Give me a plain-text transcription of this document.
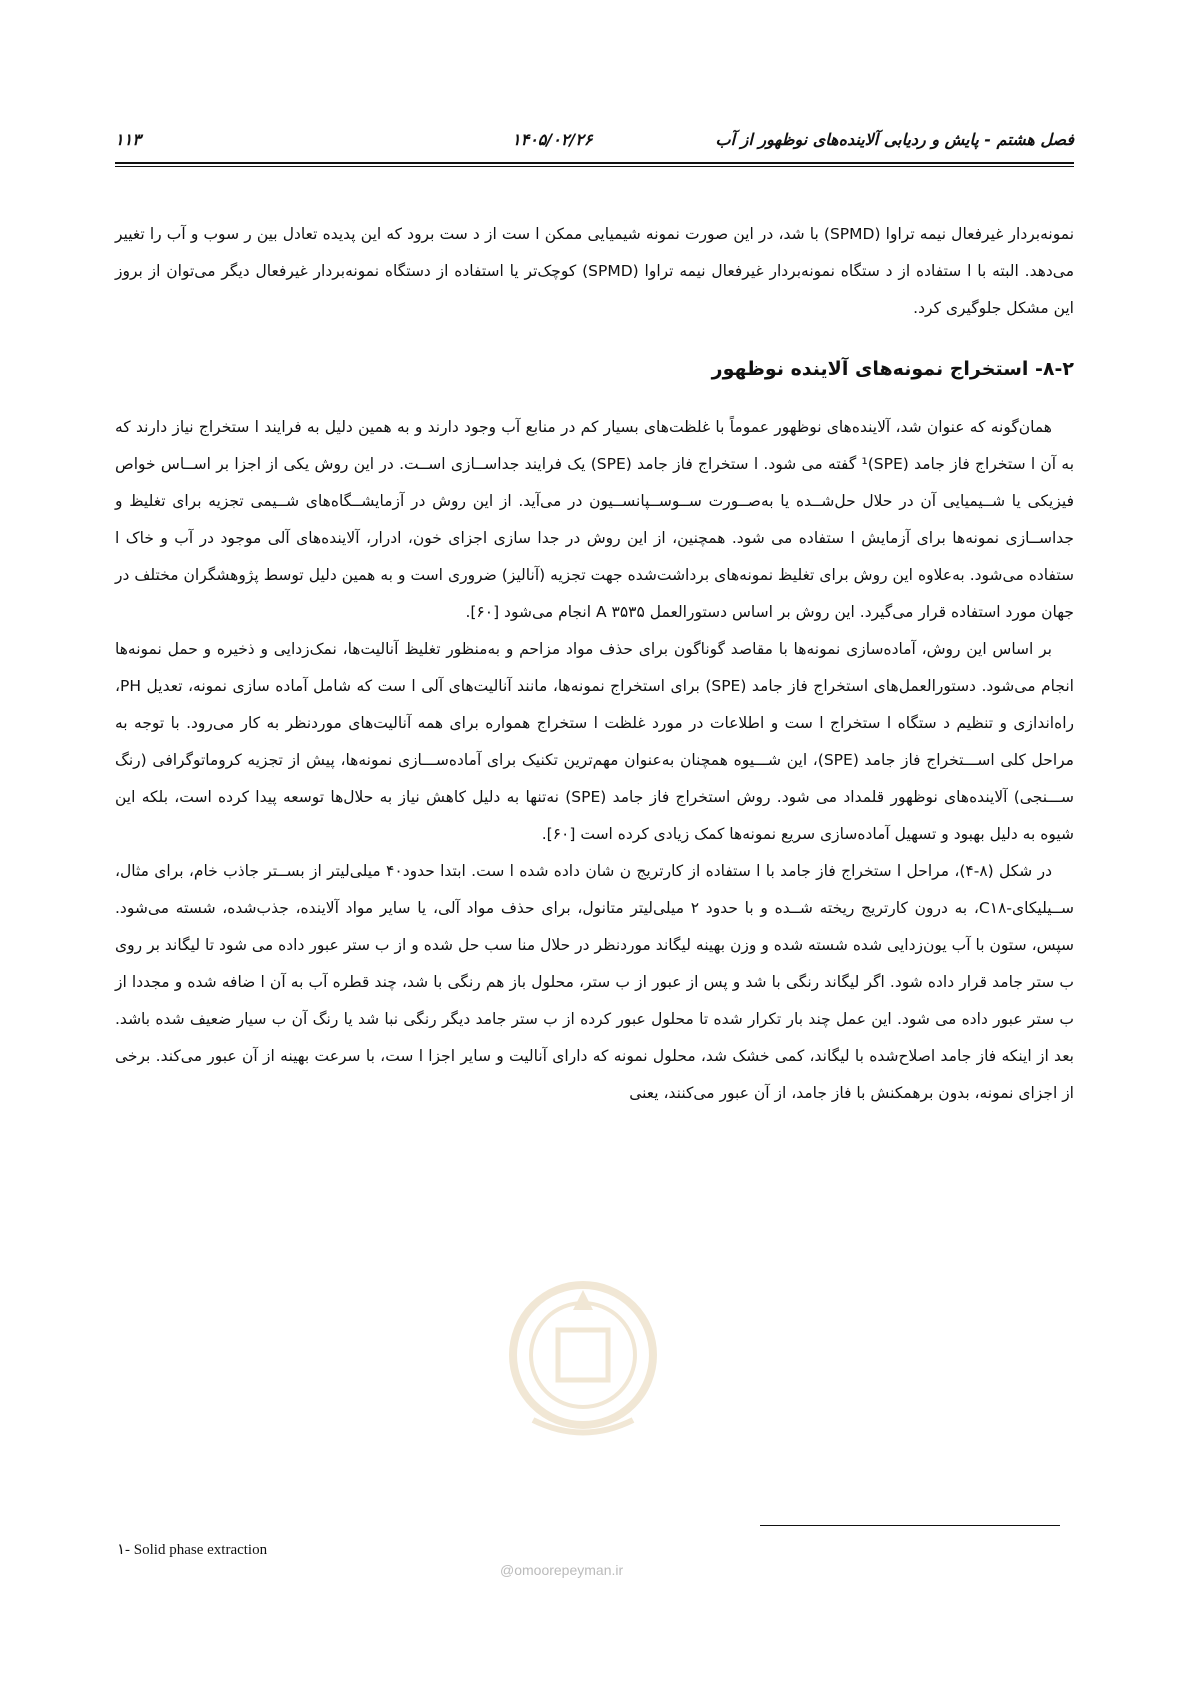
فصل هشتم - پایش و ردیابی آلاینده‌های نوظهور از آب
۱۴۰۵/۰۲/۲۶
۱۱۳

نمونه‌بردار غیرفعال نیمه تراوا (SPMD) با شد، در این صورت نمونه شیمیایی ممکن ا ست از د ست برود که این پدیده تعادل بین ر سوب و آب را تغییر می‌دهد. البته با ا ستفاده از د ستگاه نمونه‌بردار غیرفعال نیمه تراوا (SPMD) کوچک‌تر یا استفاده از دستگاه نمونه‌بردار غیرفعال دیگر می‌توان از بروز این مشکل جلوگیری کرد.

۸-۲- استخراج نمونه‌های آلاینده نوظهور

همان‌گونه که عنوان شد، آلاینده‌های نوظهور عموماً با غلظت‌های بسیار کم در منابع آب وجود دارند و به همین دلیل به فرایند ا ستخراج نیاز دارند که به آن ا ستخراج فاز جامد (SPE)¹ گفته می شود. ا ستخراج فاز جامد (SPE) یک فرایند جداســازی اســت. در این روش یکی از اجزا بر اســاس خواص فیزیکی یا شــیمیایی آن در حلال حل‌شــده یا به‌صــورت ســوســپانســیون در می‌آید. از این روش در آزمایشــگاه‌های شــیمی تجزیه برای تغلیظ و جداســازی نمونه‌ها برای آزمایش ا ستفاده می شود. همچنین، از این روش در جدا سازی اجزای خون، ادرار، آلاینده‌های آلی موجود در آب و خاک ا ستفاده می‌شود. به‌علاوه این روش برای تغلیظ نمونه‌های برداشت‌شده جهت تجزیه (آنالیز) ضروری است و به همین دلیل توسط پژوهشگران مختلف در جهان مورد استفاده قرار می‌گیرد. این روش بر اساس دستورالعمل ۳۵۳۵ A انجام می‌شود [۶۰].

بر اساس این روش، آماده‌سازی نمونه‌ها با مقاصد گوناگون برای حذف مواد مزاحم و به‌منظور تغلیظ آنالیت‌ها، نمک‌زدایی و ذخیره و حمل نمونه‌ها انجام می‌شود. دستورالعمل‌های استخراج فاز جامد (SPE) برای استخراج نمونه‌ها، مانند آنالیت‌های آلی ا ست که شامل آماده سازی نمونه، تعدیل PH، راه‌اندازی و تنظیم د ستگاه ا ستخراج ا ست و اطلاعات در مورد غلظت ا ستخراج همواره برای همه آنالیت‌های موردنظر به کار می‌رود. با توجه به مراحل کلی اســـتخراج فاز جامد (SPE)، این شـــیوه همچنان به‌عنوان مهم‌ترین تکنیک برای آماده‌ســـازی نمونه‌ها، پیش از تجزیه کروماتوگرافی (رنگ ســـنجی) آلاینده‌های نوظهور قلمداد می شود. روش استخراج فاز جامد (SPE) نه‌تنها به دلیل کاهش نیاز به حلال‌ها توسعه پیدا کرده است، بلکه این شیوه به دلیل بهبود و تسهیل آماده‌سازی سریع نمونه‌ها کمک زیادی کرده است [۶۰].

در شکل (۸-۴)، مراحل ا ستخراج فاز جامد با ا ستفاده از کارتریج ن شان داده شده ا ست. ابتدا حدود۴۰ میلی‌لیتر از بســتر جاذب خام، برای مثال، ســیلیکای-C۱۸، به درون کارتریج ریخته شــده و با حدود ۲ میلی‌لیتر متانول، برای حذف مواد آلی، یا سایر مواد آلاینده، جذب‌شده، شسته می‌شود. سپس، ستون با آب یون‌زدایی شده شسته شده و وزن بهینه لیگاند موردنظر در حلال منا سب حل شده و از ب ستر عبور داده می شود تا لیگاند بر روی ب ستر جامد قرار داده شود. اگر لیگاند رنگی با شد و پس از عبور از ب ستر، محلول باز هم رنگی با شد، چند قطره آب به آن ا ضافه شده و مجددا از ب ستر عبور داده می شود. این عمل چند بار تکرار شده تا محلول عبور کرده از ب ستر جامد دیگر رنگی نبا شد یا رنگ آن ب سیار ضعیف شده باشد. بعد از اینکه فاز جامد اصلاح‌شده با لیگاند، کمی خشک شد، محلول نمونه که دارای آنالیت و سایر اجزا ا ست، با سرعت بهینه از آن عبور می‌کند. برخی از اجزای نمونه، بدون برهمکنش با فاز جامد، از آن عبور می‌کنند، یعنی

۱- Solid phase extraction
@omoorepeyman.ir
